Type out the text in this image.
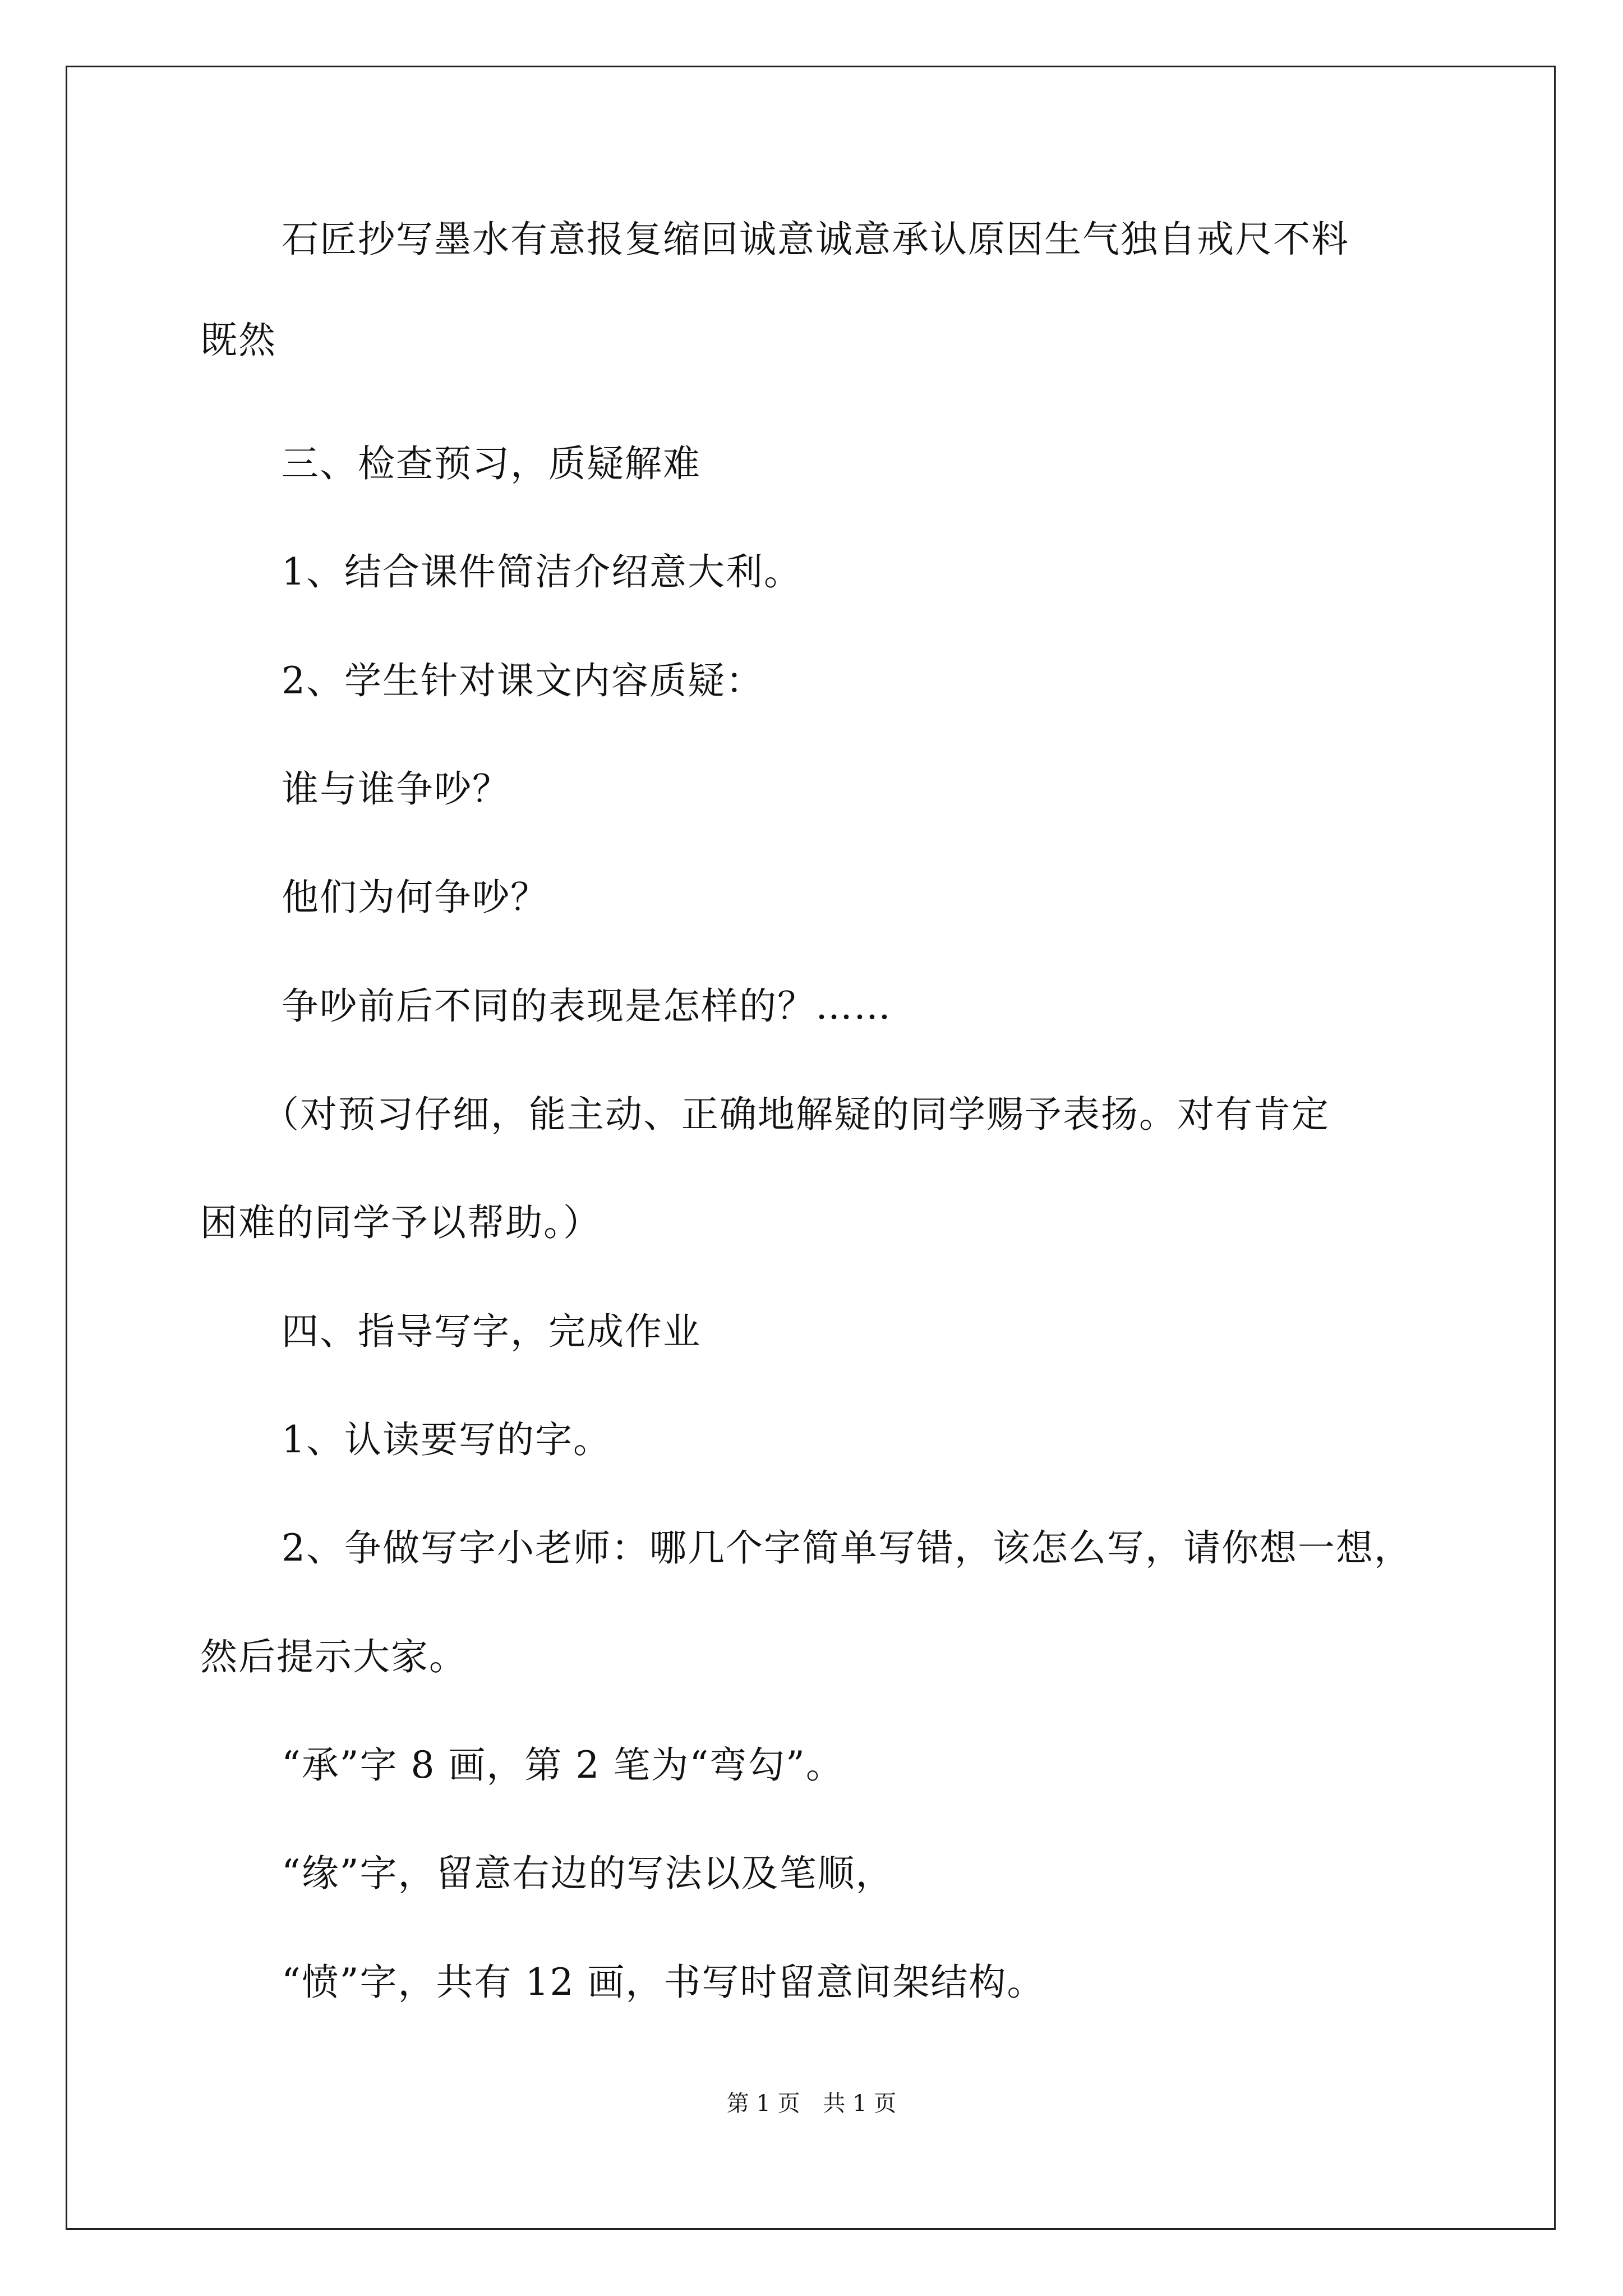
石匠抄写墨水有意报复缩回诚意诚意承认原因生气独自戒尺不料
既然
三、检查预习，质疑解难
1、结合课件简洁介绍意大利。
2、学生针对课文内容质疑：
谁与谁争吵？
他们为何争吵？
争吵前后不同的表现是怎样的？……
（对预习仔细，能主动、正确地解疑的同学赐予表扬。对有肯定
困难的同学予以帮助。）
四、指导写字，完成作业
1、认读要写的字。
2、争做写字小老师：哪几个字简单写错，该怎么写，请你想一想，
然后提示大家。
“承”字 8 画，第 2 笔为“弯勾”。
“缘”字，留意右边的写法以及笔顺，
“愤”字，共有 12 画，书写时留意间架结构。
第 1 页 共 1 页
